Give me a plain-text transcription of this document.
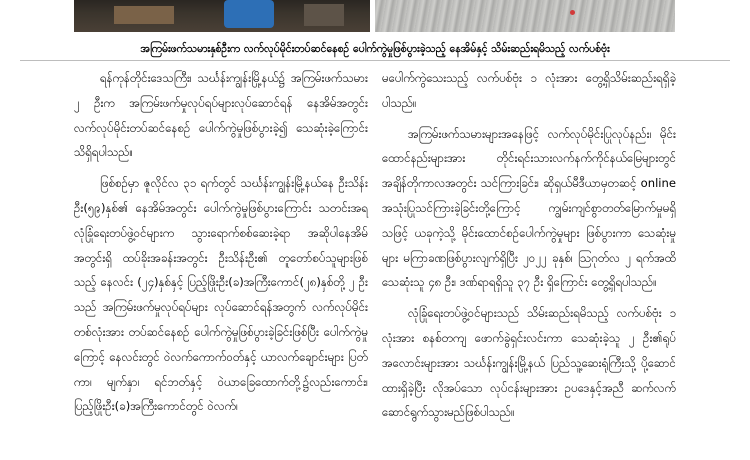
အကြမ်းဖက်သမားနှစ်ဦးက လက်လုပ်မိုင်းတပ်ဆင်နေစဉ် ပေါက်ကွဲမှုဖြစ်ပွားခဲ့သည့် နေအိမ်နှင့် သိမ်းဆည်းရမိသည့် လက်ပစ်ဗုံး

ရန်ကုန်တိုင်းဒေသကြီး၊ သင်္ဃန်းကျွန်းမြို့နယ်၌ အကြမ်းဖက်သမား ၂ ဦးက အကြမ်းဖက်မှုလုပ်ရပ်များလုပ်ဆောင်ရန် နေအိမ်အတွင်း လက်လုပ်မိုင်းတပ်ဆင်နေစဉ် ပေါက်ကွဲမှုဖြစ်ပွားခဲ့၍ သေဆုံးခဲ့ကြောင်း သိရှိရပါသည်။

ဖြစ်စဉ်မှာ ဇူလိုင်လ ၃၁ ရက်တွင် သင်္ဃန်းကျွန်းမြို့နယ်နေ ဦးသိန်းဦး(၅၉)နှစ်၏ နေအိမ်အတွင်း ပေါက်ကွဲမှုဖြစ်ပွားကြောင်း သတင်းအရ လုံခြုံရေးတပ်ဖွဲ့ဝင်များက သွားရောက်စစ်ဆေးခဲ့ရာ အဆိုပါနေအိမ်အတွင်းရှိ ထပ်ခိုးအခန်းအတွင်း ဦးသိန်းဦး၏ တူတော်စပ်သူများဖြစ်သည့် နေလင်း (၂၄)နှစ်နှင့် ပြည့်ဖြိုးဦး(ခ)အကြီးကောင်(၂၈)နှစ်တို့ ၂ ဦးသည် အကြမ်းဖက်မှုလုပ်ရပ်များ လုပ်ဆောင်ရန်အတွက် လက်လုပ်မိုင်းတစ်လုံးအား တပ်ဆင်နေစဉ် ပေါက်ကွဲမှုဖြစ်ပွားခဲ့ခြင်းဖြစ်ပြီး ပေါက်ကွဲမှုကြောင့် နေလင်းတွင် ဝဲလက်ကောက်ဝတ်နှင့် ယာလက်ချောင်းများ ပြတ်ကာ၊ မျက်နှာ၊ ရင်ဘတ်နှင့် ဝဲယာခြေထောက်တို့၌လည်းကောင်း၊ ပြည့်ဖြိုးဦး(ခ)အကြီးကောင်တွင် ဝဲလက်၊

မပေါက်ကွဲသေးသည့် လက်ပစ်ဗုံး ၁ လုံးအား တွေ့ရှိသိမ်းဆည်းရရှိခဲ့ပါသည်။

အကြမ်းဖက်သမားများအနေဖြင့် လက်လုပ်မိုင်းပြုလုပ်နည်း၊ မိုင်းထောင်နည်းများအား တိုင်းရင်းသားလက်နက်ကိုင်နယ်မြေများတွင် အချိန်တိုကာလအတွင်း သင်ကြားခြင်း၊ ဆိုရှယ်မီဒီယာမှတဆင့် online အသုံးပြုသင်ကြားခဲ့ခြင်းတို့ကြောင့် ကျွမ်းကျင်စွာတတ်မြောက်မှုမရှိသဖြင့် ယခုကဲ့သို့ မိုင်းထောင်စဉ်ပေါက်ကွဲမှုများ ဖြစ်ပွားကာ သေဆုံးမှုများ မကြာခဏဖြစ်ပွားလျက်ရှိပြီး ၂၀၂၂ ခုနှစ်၊ ဩဂုတ်လ ၂ ရက်အထိ သေဆုံးသူ ၄၈ ဦး၊ ဒဏ်ရာရရှိသူ ၃၇ ဦး ရှိကြောင်း တွေ့ရှိရပါသည်။

လုံခြုံရေးတပ်ဖွဲ့ဝင်များသည် သိမ်းဆည်းရမိသည့် လက်ပစ်ဗုံး ၁ လုံးအား စနစ်တကျ ဖောက်ခွဲရှင်းလင်းကာ သေဆုံးခဲ့သူ ၂ ဦး၏ရုပ်အလောင်းများအား သင်္ဃန်းကျွန်းမြို့နယ် ပြည်သူ့ဆေးရုံကြီးသို့ ပို့ဆောင်ထားရှိခဲ့ပြီး လိုအပ်သော လုပ်ငန်းများအား ဥပဒေနှင့်အညီ ဆက်လက်ဆောင်ရွက်သွားမည်ဖြစ်ပါသည်။
